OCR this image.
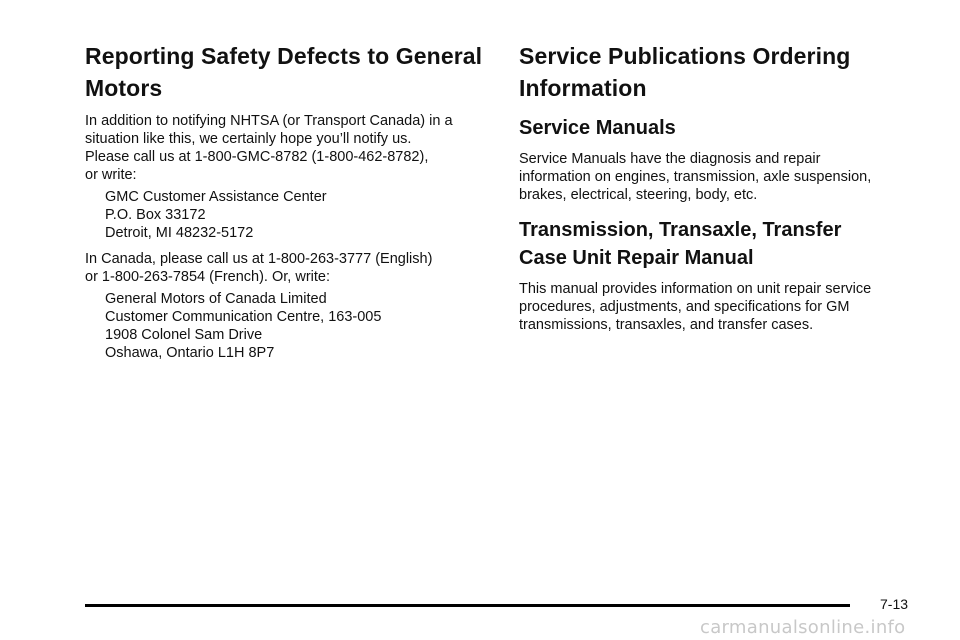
Reporting Safety Defects to General
Motors

In addition to notifying NHTSA (or Transport Canada) in a
situation like this, we certainly hope you’ll notify us.
Please call us at 1-800-GMC-8782 (1-800-462-8782),
or write:

GMC Customer Assistance Center
P.O. Box 33172
Detroit, MI 48232-5172

In Canada, please call us at 1-800-263-3777 (English)
or 1-800-263-7854 (French). Or, write:

General Motors of Canada Limited
Customer Communication Centre, 163-005
1908 Colonel Sam Drive
Oshawa, Ontario L1H 8P7
Service Publications Ordering
Information
Service Manuals

Service Manuals have the diagnosis and repair
information on engines, transmission, axle suspension,
brakes, electrical, steering, body, etc.

Transmission, Transaxle, Transfer
Case Unit Repair Manual

This manual provides information on unit repair service
procedures, adjustments, and specifications for GM
transmissions, transaxles, and transfer cases.

7-13
carmanualsonline.info
